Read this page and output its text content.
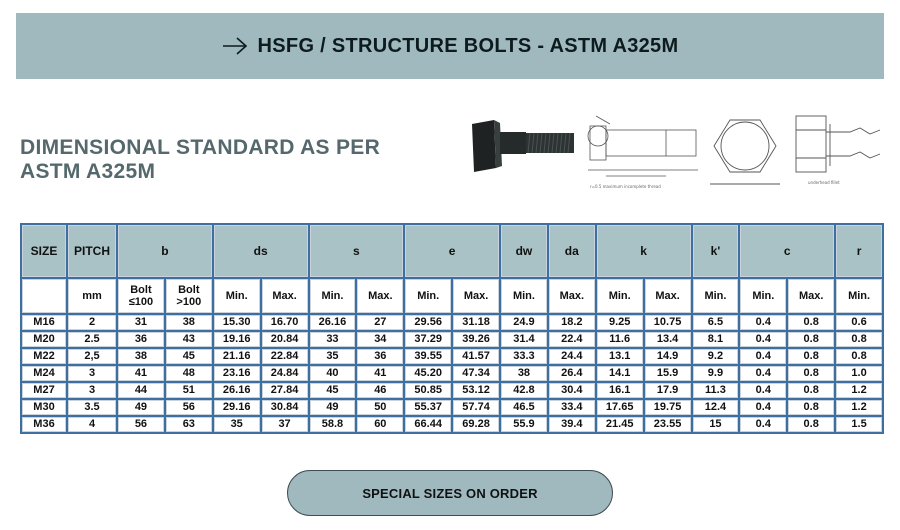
HSFG / STRUCTURE BOLTS - ASTM A325M
DIMENSIONAL STANDARD AS PER ASTM A325M
r=0.5 maximum incomplete thread
underhead fillet
SIZE	PITCH	b		ds		s		e		dw	da	k		k'	c		r
	mm	Bolt ≤100	Bolt >100	Min.	Max.	Min.	Max.	Min.	Max.	Min.	Max.	Min.	Max.	Min.	Min.	Max.	Min.
M16	2	31	38	15.30	16.70	26.16	27	29.56	31.18	24.9	18.2	9.25	10.75	6.5	0.4	0.8	0.6
M20	2.5	36	43	19.16	20.84	33	34	37.29	39.26	31.4	22.4	11.6	13.4	8.1	0.4	0.8	0.8
M22	2,5	38	45	21.16	22.84	35	36	39.55	41.57	33.3	24.4	13.1	14.9	9.2	0.4	0.8	0.8
M24	3	41	48	23.16	24.84	40	41	45.20	47.34	38	26.4	14.1	15.9	9.9	0.4	0.8	1.0
M27	3	44	51	26.16	27.84	45	46	50.85	53.12	42.8	30.4	16.1	17.9	11.3	0.4	0.8	1.2
M30	3.5	49	56	29.16	30.84	49	50	55.37	57.74	46.5	33.4	17.65	19.75	12.4	0.4	0.8	1.2
M36	4	56	63	35	37	58.8	60	66.44	69.28	55.9	39.4	21.45	23.55	15	0.4	0.8	1.5
SPECIAL SIZES ON ORDER
